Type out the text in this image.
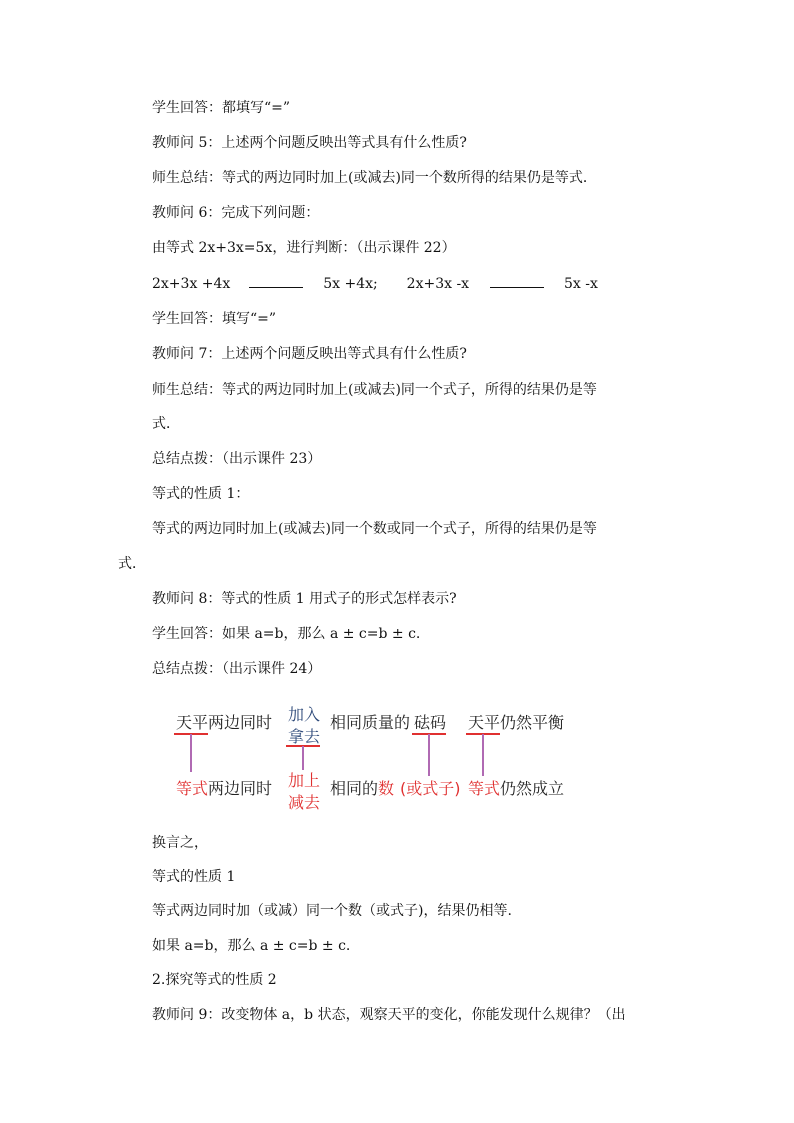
学生回答：都填写“=”
教师问 5：上述两个问题反映出等式具有什么性质?
师生总结：等式的两边同时加上(或减去)同一个数所得的结果仍是等式．
教师问 6：完成下列问题：
由等式 2x+3x=5x，进行判断：（出示课件 22）
2x+3x +4x	5x +4x; 2x+3x -x	5x -x
学生回答：填写“=”
教师问 7：上述两个问题反映出等式具有什么性质?
师生总结：等式的两边同时加上(或减去)同一个式子，所得的结果仍是等
式．
总结点拨：（出示课件 23）
等式的性质 1：
等式的两边同时加上(或减去)同一个数或同一个式子，所得的结果仍是等
式．
教师问 8：等式的性质 1 用式子的形式怎样表示?
学生回答：如果 a=b，那么 a ± c=b ± c.
总结点拨：（出示课件 24）
天平 两边同时 加入
拿去
相同质量的 砝码 天平 仍然平衡
等式 两边同时 加上
减去
相同的 数 (或式子) 等式 仍然成立
换言之，
等式的性质 1
等式两边同时加（或减）同一个数（或式子)，结果仍相等.
如果 a=b，那么 a ± c=b ± c.
2.探究等式的性质 2
教师问 9：改变物体 a，b 状态，观察天平的变化，你能发现什么规律？（出
